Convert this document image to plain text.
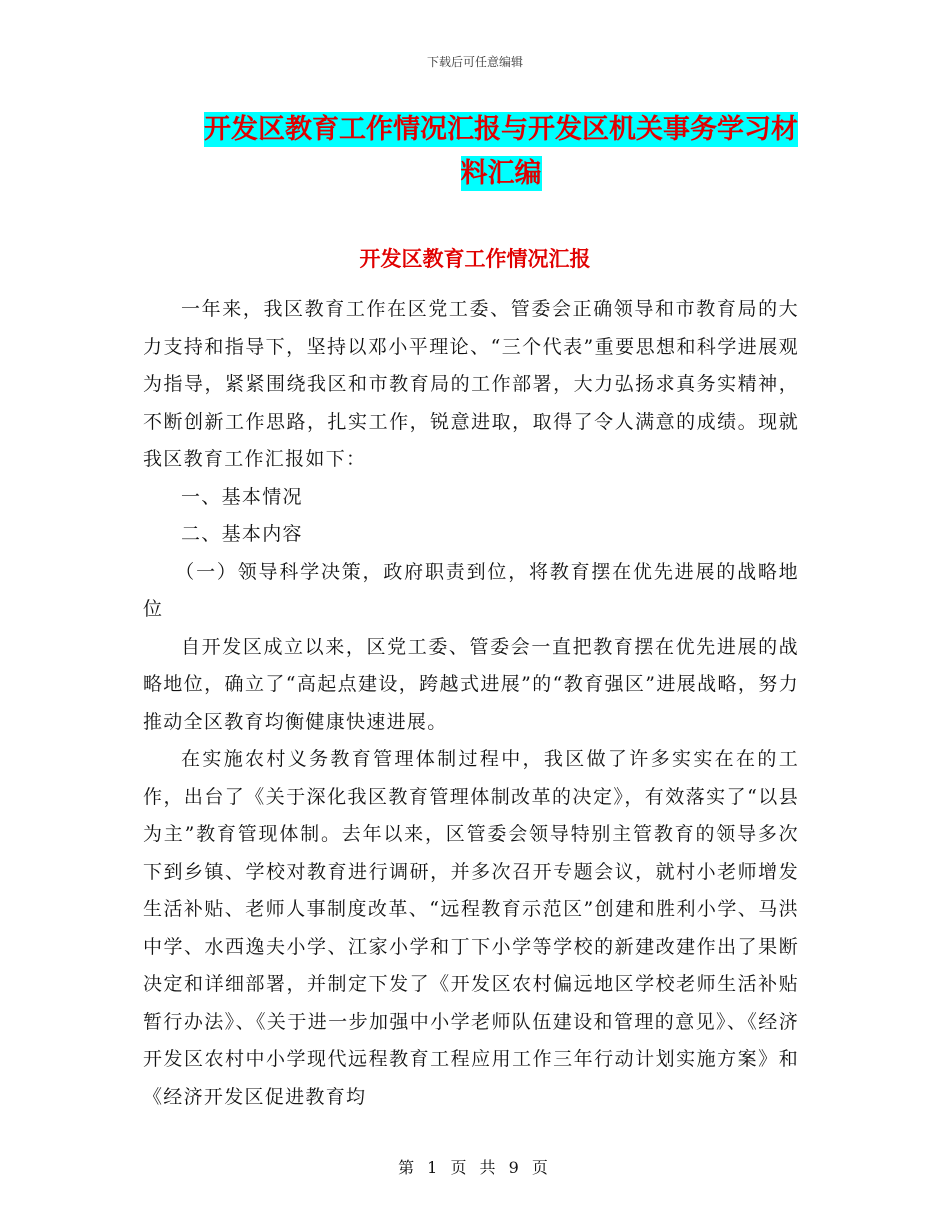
下载后可任意编辑
开发区教育工作情况汇报与开发区机关事务学习材料汇编
开发区教育工作情况汇报

一年来，我区教育工作在区党工委、管委会正确领导和市教育局的大力支持和指导下，坚持以邓小平理论、“三个代表”重要思想和科学进展观为指导，紧紧围绕我区和市教育局的工作部署，大力弘扬求真务实精神，不断创新工作思路，扎实工作，锐意进取，取得了令人满意的成绩。现就我区教育工作汇报如下：

一、基本情况

二、基本内容

（一）领导科学决策，政府职责到位，将教育摆在优先进展的战略地位

自开发区成立以来，区党工委、管委会一直把教育摆在优先进展的战略地位，确立了“高起点建设，跨越式进展”的“教育强区”进展战略，努力推动全区教育均衡健康快速进展。

在实施农村义务教育管理体制过程中，我区做了许多实实在在的工作，出台了《关于深化我区教育管理体制改革的决定》，有效落实了“以县为主”教育管现体制。去年以来，区管委会领导特别主管教育的领导多次下到乡镇、学校对教育进行调研，并多次召开专题会议，就村小老师增发生活补贴、老师人事制度改革、“远程教育示范区”创建和胜利小学、马洪中学、水西逸夫小学、江家小学和丁下小学等学校的新建改建作出了果断决定和详细部署，并制定下发了《开发区农村偏远地区学校老师生活补贴暂行办法》、《关于进一步加强中小学老师队伍建设和管理的意见》、《经济开发区农村中小学现代远程教育工程应用工作三年行动计划实施方案》和《经济开发区促进教育均

第 1 页 共 9 页
